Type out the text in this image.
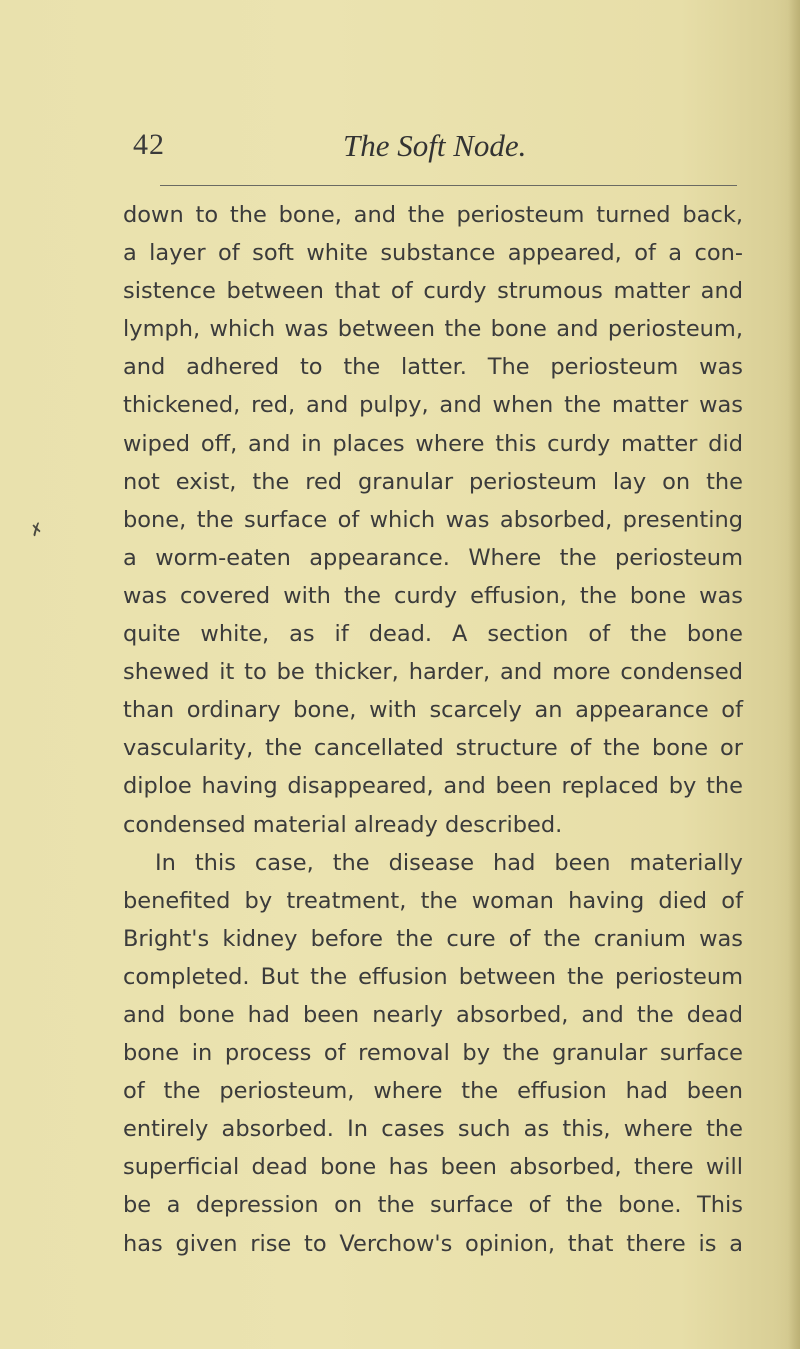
42	The Soft Node.
✗
down to the bone, and the periosteum turned back,
a layer of soft white substance appeared, of a con-
sistence between that of curdy strumous matter and
lymph, which was between the bone and periosteum,
and adhered to the latter. The periosteum was
thickened, red, and pulpy, and when the matter was
wiped off, and in places where this curdy matter did
not exist, the red granular periosteum lay on the
bone, the surface of which was absorbed, presenting
a worm-eaten appearance. Where the periosteum
was covered with the curdy effusion, the bone was
quite white, as if dead. A section of the bone
shewed it to be thicker, harder, and more condensed
than ordinary bone, with scarcely an appearance of
vascularity, the cancellated structure of the bone or
diploe having disappeared, and been replaced by the
condensed material already described.
In this case, the disease had been materially
benefited by treatment, the woman having died of
Bright's kidney before the cure of the cranium was
completed. But the effusion between the periosteum
and bone had been nearly absorbed, and the dead
bone in process of removal by the granular surface
of the periosteum, where the effusion had been
entirely absorbed. In cases such as this, where the
superficial dead bone has been absorbed, there will
be a depression on the surface of the bone. This
has given rise to Verchow's opinion, that there is a
